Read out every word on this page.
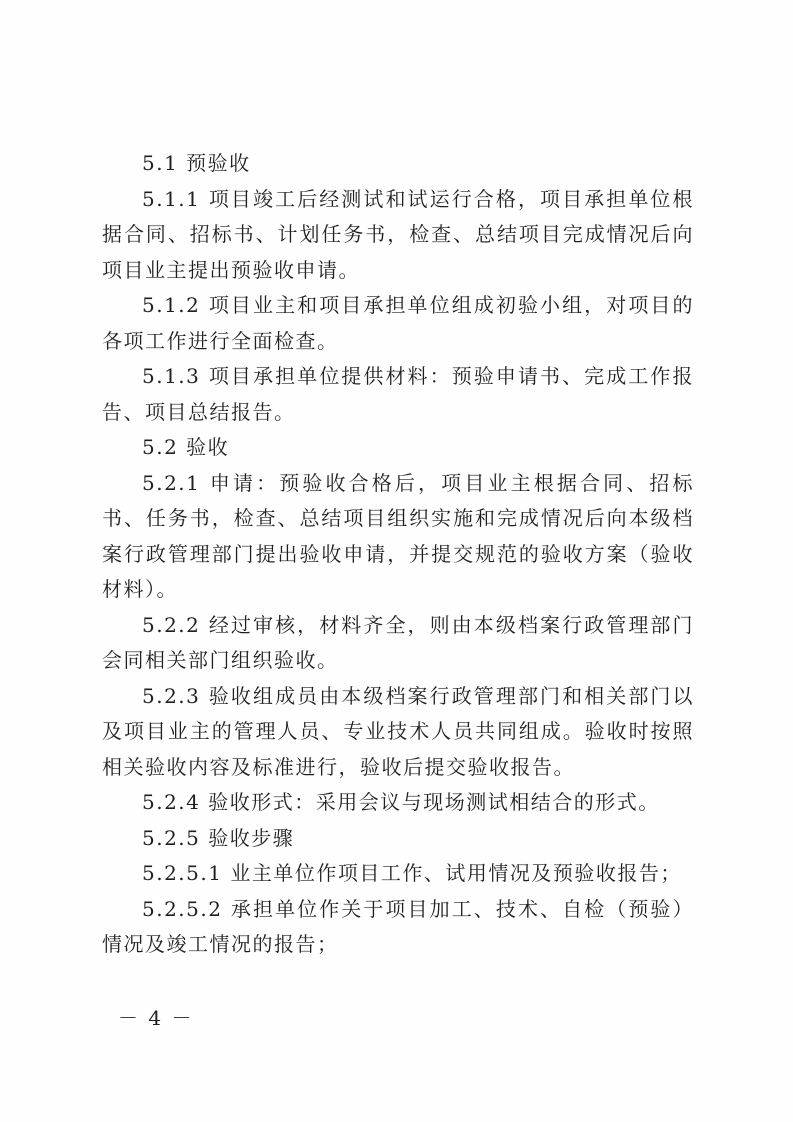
5.1 预验收

5.1.1 项目竣工后经测试和试运行合格，项目承担单位根据合同、招标书、计划任务书，检查、总结项目完成情况后向项目业主提出预验收申请。

5.1.2 项目业主和项目承担单位组成初验小组，对项目的各项工作进行全面检查。

5.1.3 项目承担单位提供材料：预验申请书、完成工作报告、项目总结报告。

5.2 验收

5.2.1 申请：预验收合格后，项目业主根据合同、招标书、任务书，检查、总结项目组织实施和完成情况后向本级档案行政管理部门提出验收申请，并提交规范的验收方案（验收材料）。

5.2.2 经过审核，材料齐全，则由本级档案行政管理部门会同相关部门组织验收。

5.2.3 验收组成员由本级档案行政管理部门和相关部门以及项目业主的管理人员、专业技术人员共同组成。验收时按照相关验收内容及标准进行，验收后提交验收报告。

5.2.4 验收形式：采用会议与现场测试相结合的形式。

5.2.5 验收步骤

5.2.5.1 业主单位作项目工作、试用情况及预验收报告；

5.2.5.2 承担单位作关于项目加工、技术、自检（预验）情况及竣工情况的报告；

－ 4 －
